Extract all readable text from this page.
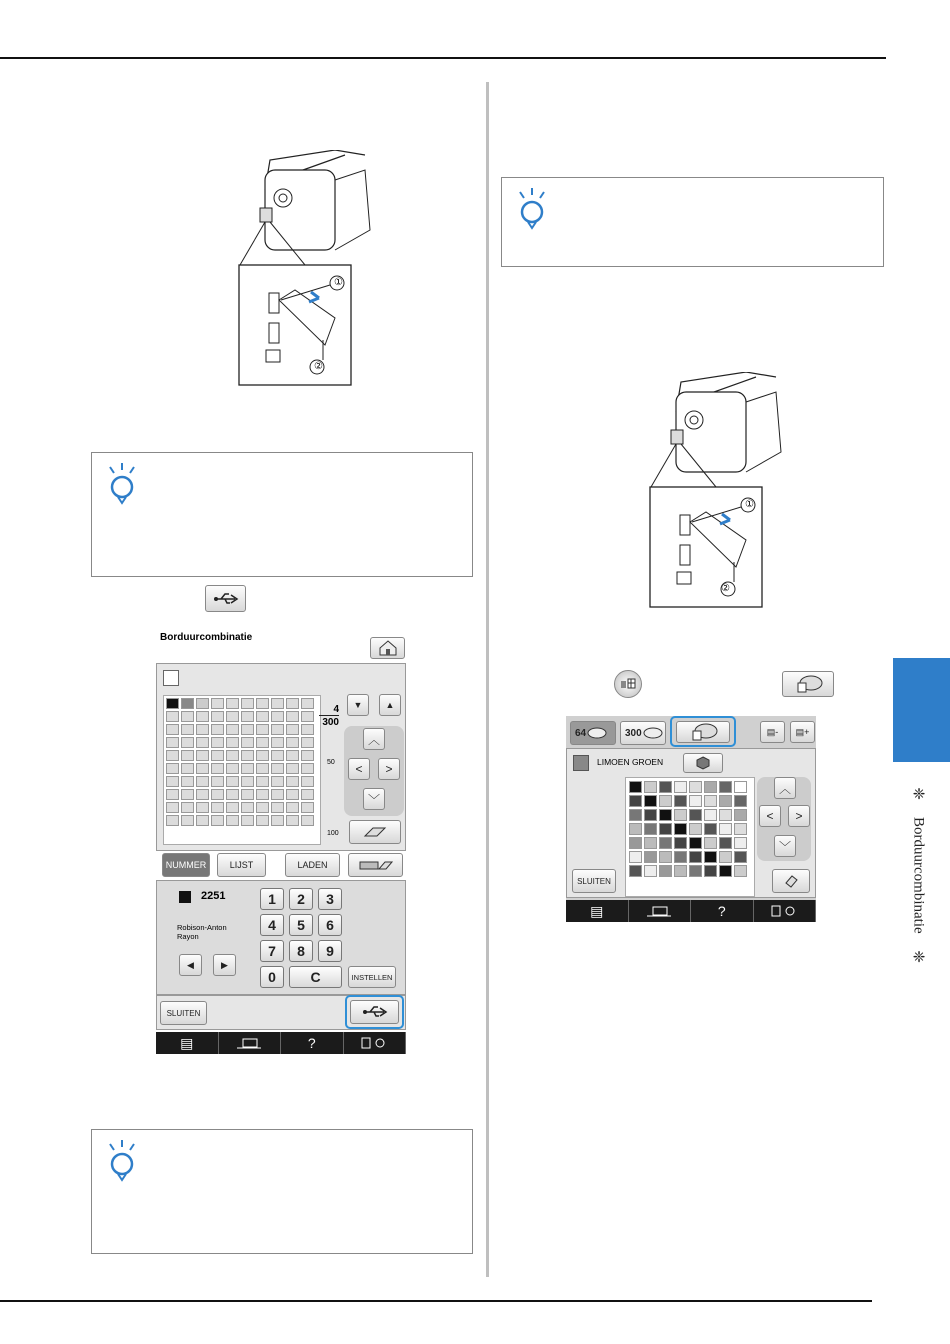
❈
Borduurcombinatie
❈
①
②
Borduurcombinatie
4
300
50
100
▼	▲
︿
<	>
﹀
NUMMER	LIJST	LADEN
2251
Robison-Anton Rayon
◀	▶
1	2	3
4	5	6
7	8	9
0	C	INSTELLEN
SLUITEN
▤	?
①
②
64	300	▤-	▤+
LIMOEN GROEN
︿
<	>
﹀
SLUITEN
▤	?
